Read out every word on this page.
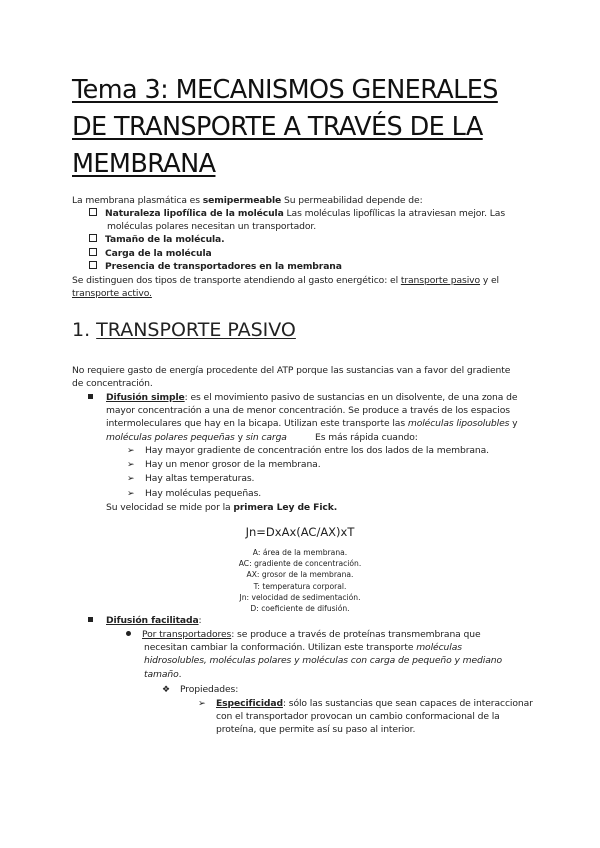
Tema 3: MECANISMOS GENERALES DE TRANSPORTE A TRAVÉS DE LA MEMBRANA
La membrana plasmática es semipermeable Su permeabilidad depende de:
Naturaleza lipofílica de la molécula Las moléculas lipofílicas la atraviesan mejor. Las
moléculas polares necesitan un transportador.
Tamaño de la molécula.
Carga de la molécula
Presencia de transportadores en la membrana
Se distinguen dos tipos de transporte atendiendo al gasto energético: el transporte pasivo y el
transporte activo.
1. TRANSPORTE PASIVO
No requiere gasto de energía procedente del ATP porque las sustancias van a favor del gradiente
de concentración.
Difusión simple: es el movimiento pasivo de sustancias en un disolvente, de una zona de
mayor concentración a una de menor concentración. Se produce a través de los espacios
intermoleculares que hay en la bicapa. Utilizan este transporte las moléculas liposolubles y
moléculas polares pequeñas y sin carga          Es más rápida cuando:
➢ Hay mayor gradiente de concentración entre los dos lados de la membrana.
➢ Hay un menor grosor de la membrana.
➢ Hay altas temperaturas.
➢ Hay moléculas pequeñas.
Su velocidad se mide por la primera Ley de Fick.
Jn=DxAx(AC/AX)xT
A: área de la membrana.
AC: gradiente de concentración.
AX: grosor de la membrana.
T: temperatura corporal.
Jn: velocidad de sedimentación.
D: coeficiente de difusión.
Difusión facilitada:
Por transportadores: se produce a través de proteínas transmembrana que
necesitan cambiar la conformación. Utilizan este transporte moléculas
hidrosolubles, moléculas polares y moléculas con carga de pequeño y mediano
tamaño.
❖ Propiedades:
➢ Especificidad: sólo las sustancias que sean capaces de interaccionar
con el transportador provocan un cambio conformacional de la
proteína, que permite así su paso al interior.
